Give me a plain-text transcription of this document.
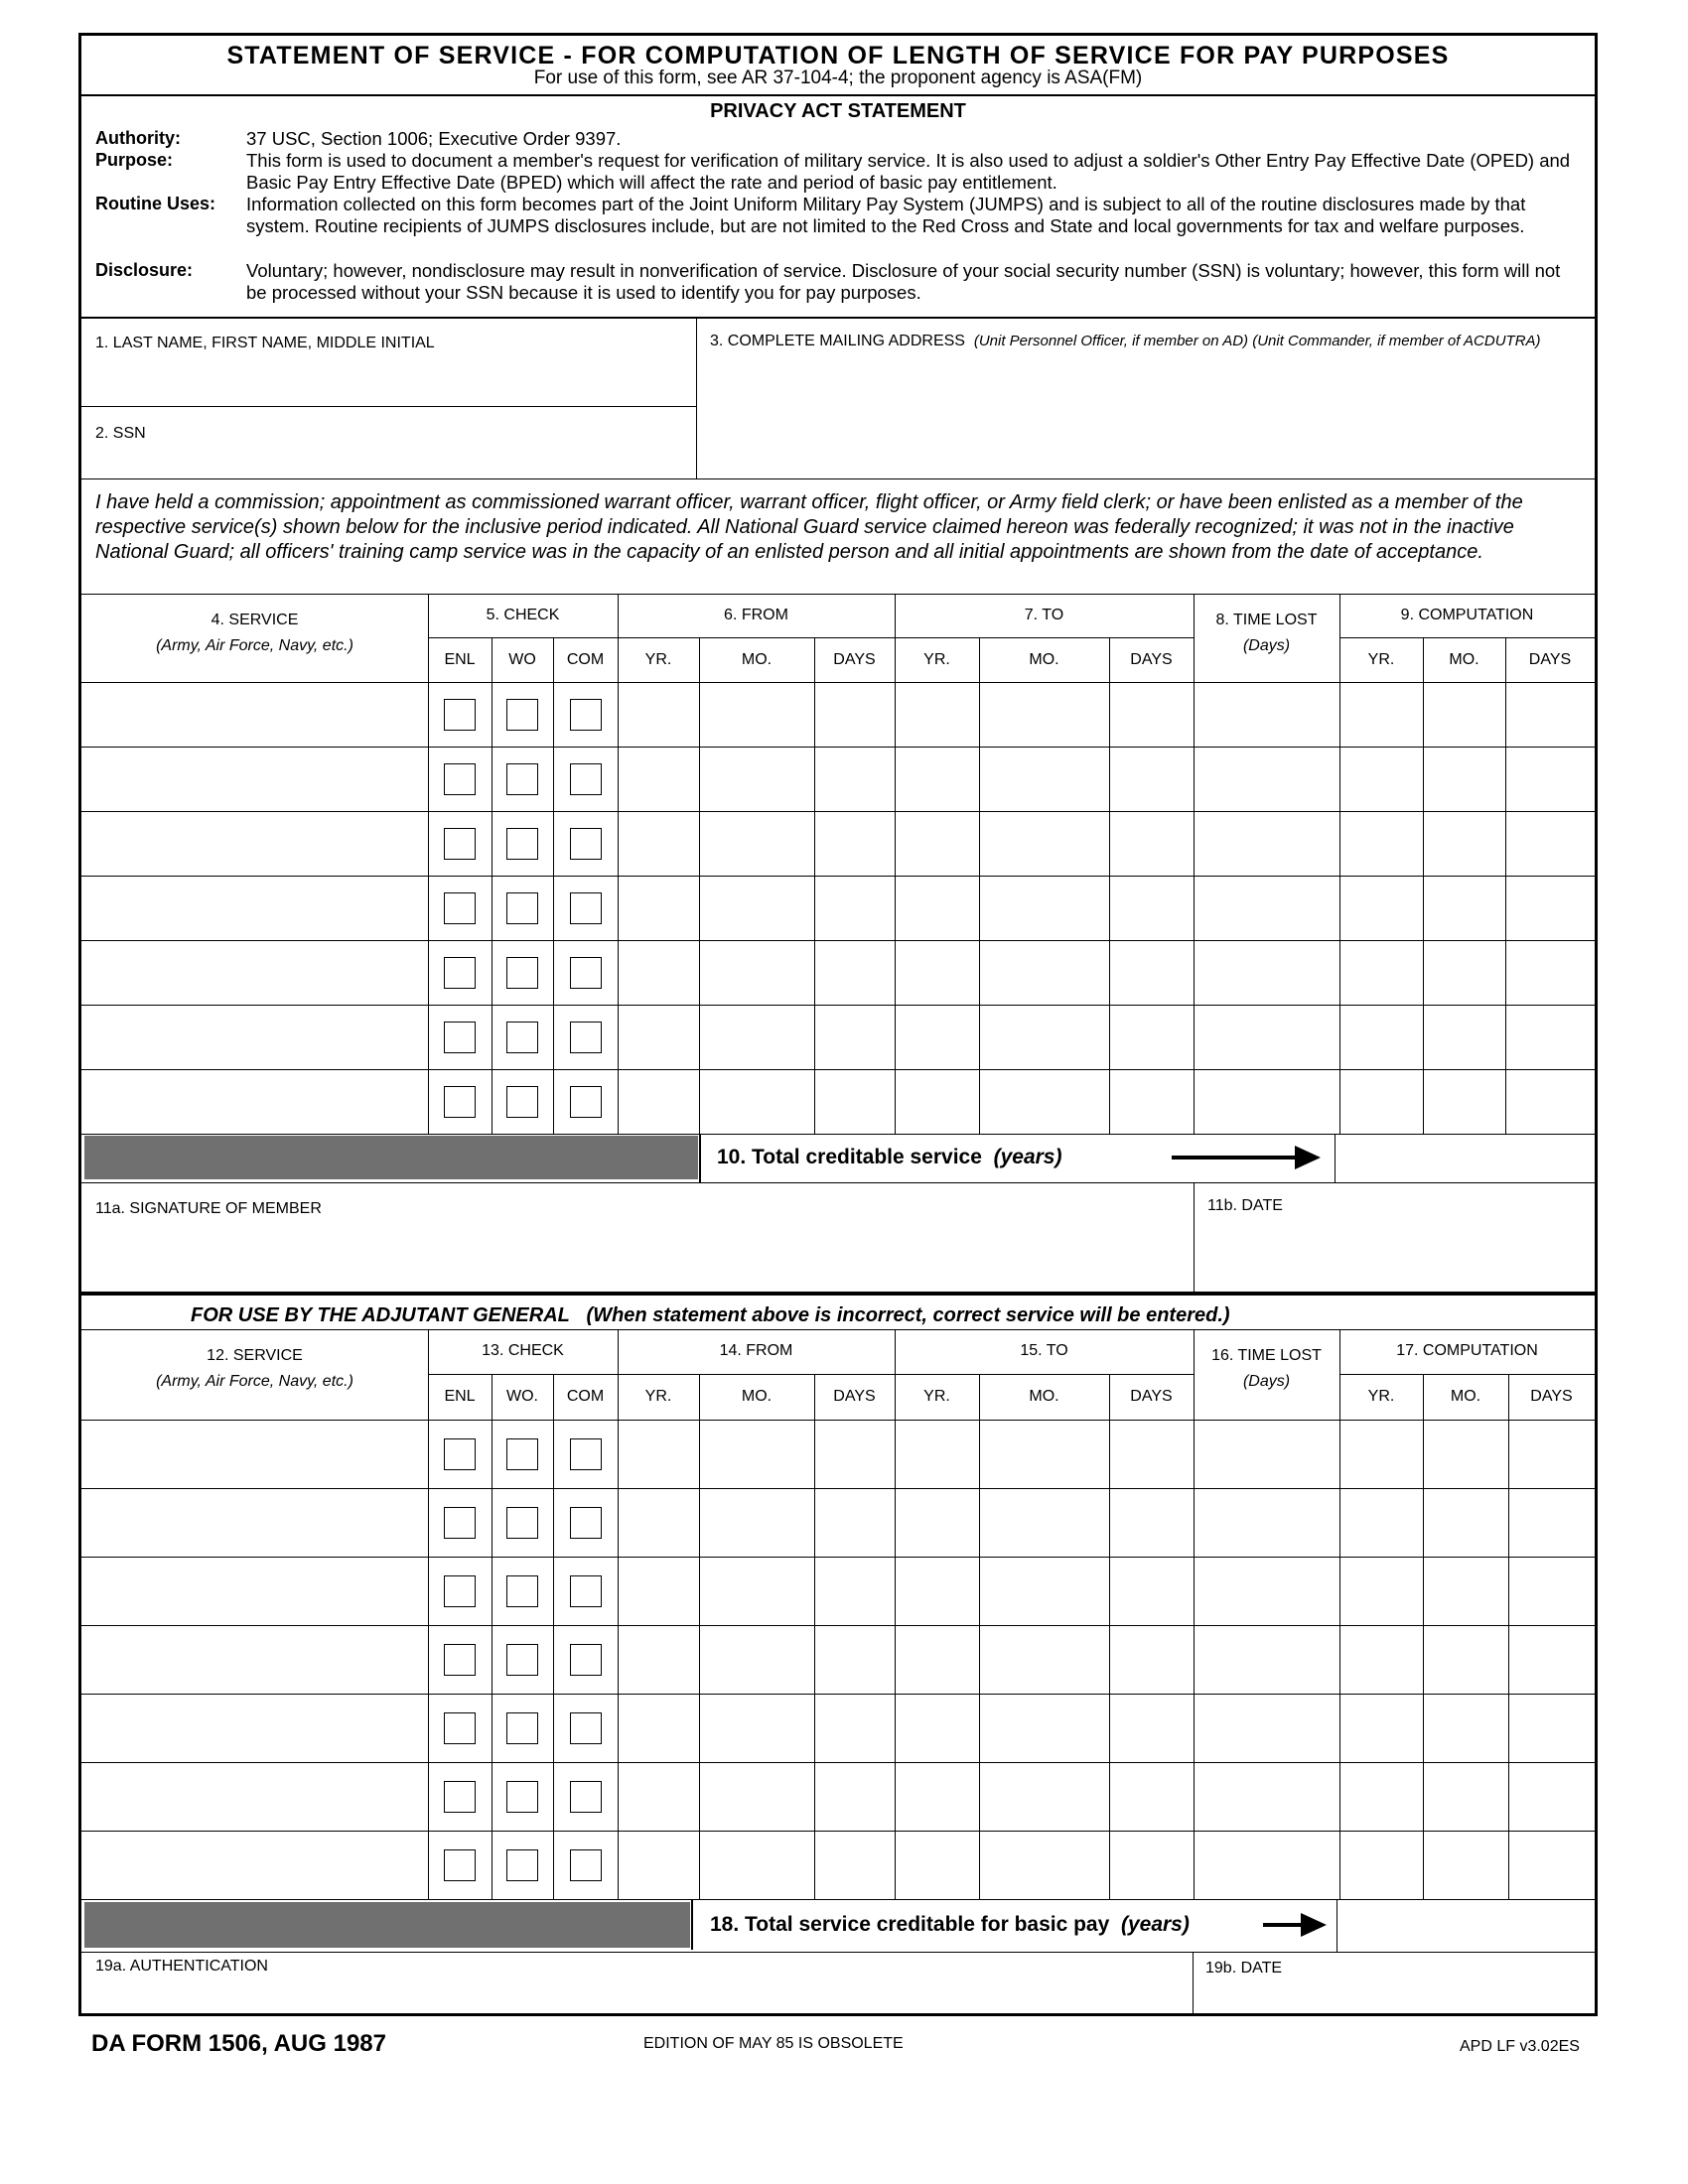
STATEMENT OF SERVICE - FOR COMPUTATION OF LENGTH OF SERVICE FOR PAY PURPOSES
For use of this form, see AR 37-104-4; the proponent agency is ASA(FM)
PRIVACY ACT STATEMENT
Authority:	37 USC, Section 1006; Executive Order 9397.
Purpose:	This form is used to document a member's request for verification of military service. It is also used to adjust a soldier's Other Entry Pay Effective Date (OPED) and Basic Pay Entry Effective Date (BPED) which will affect the rate and period of basic pay entitlement.
Routine Uses: Information collected on this form becomes part of the Joint Uniform Military Pay System (JUMPS) and is subject to all of the routine disclosures made by that system. Routine recipients of JUMPS disclosures include, but are not limited to the Red Cross and State and local governments for tax and welfare purposes.
Disclosure:	Voluntary; however, nondisclosure may result in nonverification of service. Disclosure of your social security number (SSN) is voluntary; however, this form will not be processed without your SSN because it is used to identify you for pay purposes.
1. LAST NAME, FIRST NAME, MIDDLE INITIAL
2. SSN
3. COMPLETE MAILING ADDRESS (Unit Personnel Officer, if member on AD) (Unit Commander, if member of ACDUTRA)
I have held a commission; appointment as commissioned warrant officer, warrant officer, flight officer, or Army field clerk; or have been enlisted as a member of the respective service(s) shown below for the inclusive period indicated. All National Guard service claimed hereon was federally recognized; it was not in the inactive National Guard; all officers' training camp service was in the capacity of an enlisted person and all initial appointments are shown from the date of acceptance.
4. SERVICE
(Army, Air Force, Navy, etc.)
5. CHECK	6. FROM	7. TO	8. TIME LOST
(Days)
9. COMPUTATION
ENL	WO	COM	YR.	MO.	DAYS	YR.	MO.	DAYS	YR.	MO.	DAYS
10. Total creditable service (years)
11a. SIGNATURE OF MEMBER	11b. DATE
FOR USE BY THE ADJUTANT GENERAL (When statement above is incorrect, correct service will be entered.)
12. SERVICE
(Army, Air Force, Navy, etc.)
13. CHECK	14. FROM	15. TO	16. TIME LOST
(Days)
17. COMPUTATION
ENL	WO.	COM	YR.	MO.	DAYS	YR.	MO.	DAYS	YR.	MO.	DAYS
18. Total service creditable for basic pay (years)
19a. AUTHENTICATION	19b. DATE
DA FORM 1506, AUG 1987	EDITION OF MAY 85 IS OBSOLETE	APD LF v3.02ES
